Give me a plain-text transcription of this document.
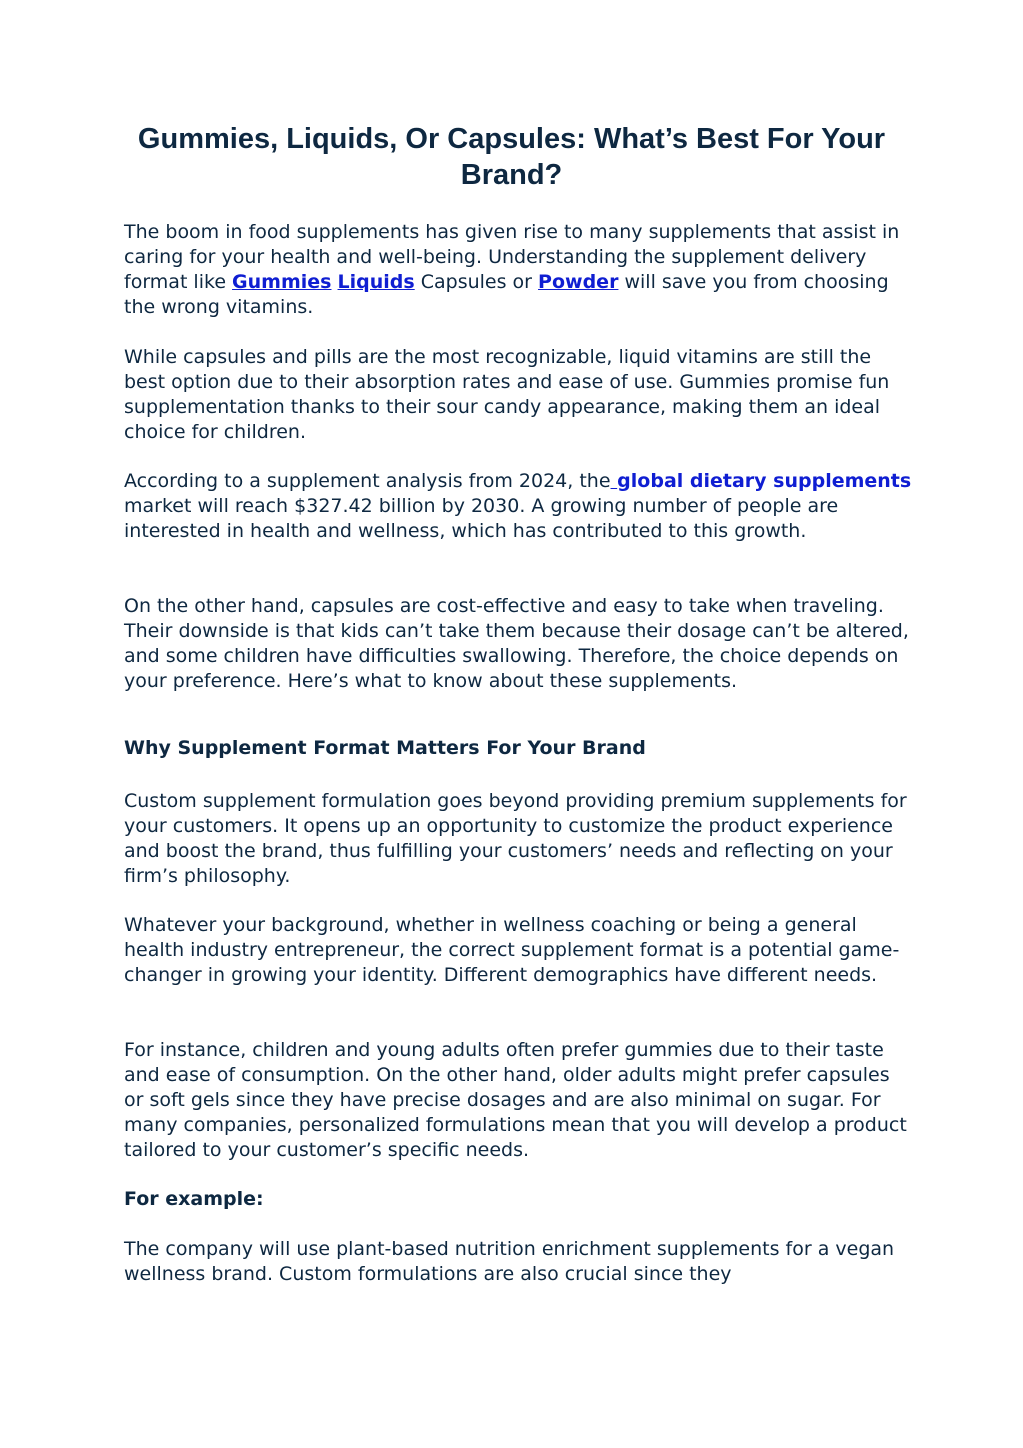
Gummies, Liquids, Or Capsules: What’s Best For Your Brand?

The boom in food supplements has given rise to many supplements that assist in caring for your health and well-being. Understanding the supplement delivery format like Gummies Liquids Capsules or Powder will save you from choosing the wrong vitamins.

While capsules and pills are the most recognizable, liquid vitamins are still the best option due to their absorption rates and ease of use. Gummies promise fun supplementation thanks to their sour candy appearance, making them an ideal choice for children.

According to a supplement analysis from 2024, the global dietary supplements market will reach $327.42 billion by 2030. A growing number of people are interested in health and wellness, which has contributed to this growth.

On the other hand, capsules are cost-effective and easy to take when traveling. Their downside is that kids can’t take them because their dosage can’t be altered, and some children have difficulties swallowing. Therefore, the choice depends on your preference. Here’s what to know about these supplements.

Why Supplement Format Matters For Your Brand

Custom supplement formulation goes beyond providing premium supplements for your customers. It opens up an opportunity to customize the product experience and boost the brand, thus fulfilling your customers’ needs and reflecting on your firm’s philosophy.

Whatever your background, whether in wellness coaching or being a general health industry entrepreneur, the correct supplement format is a potential game-changer in growing your identity. Different demographics have different needs.

For instance, children and young adults often prefer gummies due to their taste and ease of consumption. On the other hand, older adults might prefer capsules or soft gels since they have precise dosages and are also minimal on sugar. For many companies, personalized formulations mean that you will develop a product tailored to your customer’s specific needs.

For example:

The company will use plant-based nutrition enrichment supplements for a vegan wellness brand. Custom formulations are also crucial since they
